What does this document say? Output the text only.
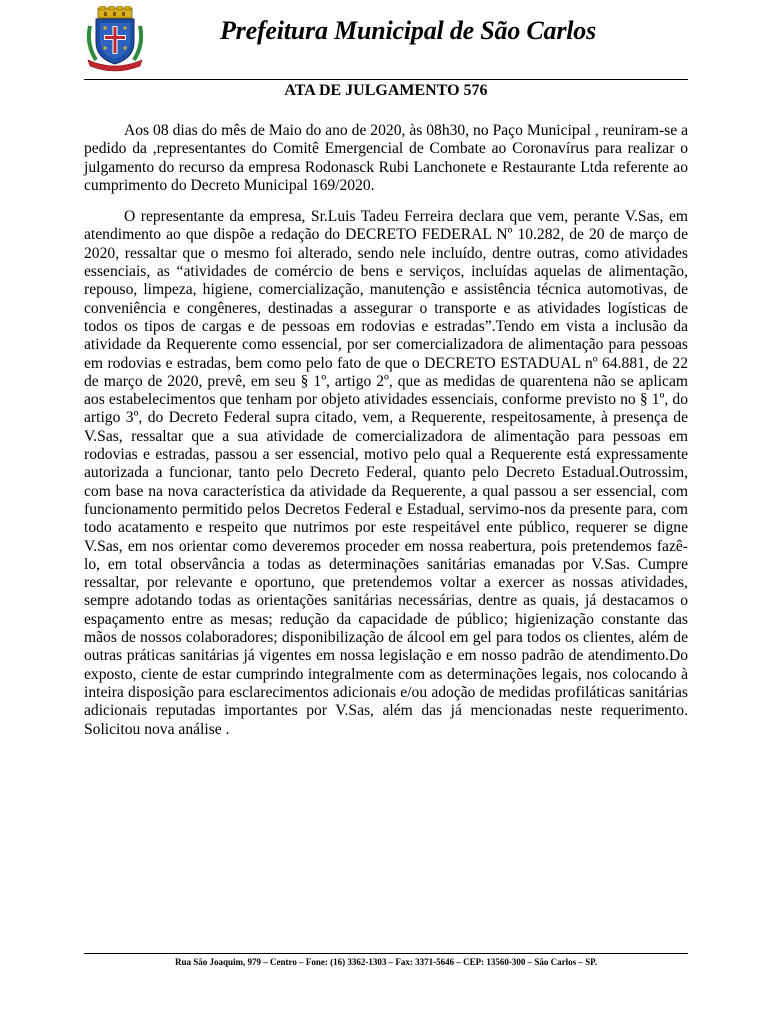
Prefeitura Municipal de São Carlos
ATA DE JULGAMENTO 576

Aos 08 dias do mês de Maio do ano de 2020, às 08h30, no Paço Municipal , reuniram-se a pedido da ,representantes do Comitê Emergencial de Combate ao Coronavírus para realizar o julgamento do recurso da empresa Rodonasck Rubi Lanchonete e Restaurante Ltda referente ao cumprimento do Decreto Municipal 169/2020.

O representante da empresa, Sr.Luis Tadeu Ferreira declara que vem, perante V.Sas, em atendimento ao que dispõe a redação do DECRETO FEDERAL Nº 10.282, de 20 de março de 2020, ressaltar que o mesmo foi alterado, sendo nele incluído, dentre outras, como atividades essenciais, as “atividades de comércio de bens e serviços, incluídas aquelas de alimentação, repouso, limpeza, higiene, comercialização, manutenção e assistência técnica automotivas, de conveniência e congêneres, destinadas a assegurar o transporte e as atividades logísticas de todos os tipos de cargas e de pessoas em rodovias e estradas”.Tendo em vista a inclusão da atividade da Requerente como essencial, por ser comercializadora de alimentação para pessoas em rodovias e estradas, bem como pelo fato de que o DECRETO ESTADUAL nº 64.881, de 22 de março de 2020, prevê, em seu § 1º, artigo 2º, que as medidas de quarentena não se aplicam aos estabelecimentos que tenham por objeto atividades essenciais, conforme previsto no § 1º, do artigo 3º, do Decreto Federal supra citado, vem, a Requerente, respeitosamente, à presença de V.Sas, ressaltar que a sua atividade de comercializadora de alimentação para pessoas em rodovias e estradas, passou a ser essencial, motivo pelo qual a Requerente está expressamente autorizada a funcionar, tanto pelo Decreto Federal, quanto pelo Decreto Estadual.Outrossim, com base na nova característica da atividade da Requerente, a qual passou a ser essencial, com funcionamento permitido pelos Decretos Federal e Estadual, servimo-nos da presente para, com todo acatamento e respeito que nutrimos por este respeitável ente público, requerer se digne V.Sas, em nos orientar como deveremos proceder em nossa reabertura, pois pretendemos fazê-lo, em total observância a todas as determinações sanitárias emanadas por V.Sas. Cumpre ressaltar, por relevante e oportuno, que pretendemos voltar a exercer as nossas atividades, sempre adotando todas as orientações sanitárias necessárias, dentre as quais, já destacamos o espaçamento entre as mesas; redução da capacidade de público; higienização constante das mãos de nossos colaboradores; disponibilização de álcool em gel para todos os clientes, além de outras práticas sanitárias já vigentes em nossa legislação e em nosso padrão de atendimento.Do exposto, ciente de estar cumprindo integralmente com as determinações legais, nos colocando à inteira disposição para esclarecimentos adicionais e/ou adoção de medidas profiláticas sanitárias adicionais reputadas importantes por V.Sas, além das já mencionadas neste requerimento. Solicitou nova análise .

Rua São Joaquim, 979 – Centro – Fone: (16) 3362-1303 – Fax: 3371-5646 – CEP: 13560-300 – São Carlos – SP.
